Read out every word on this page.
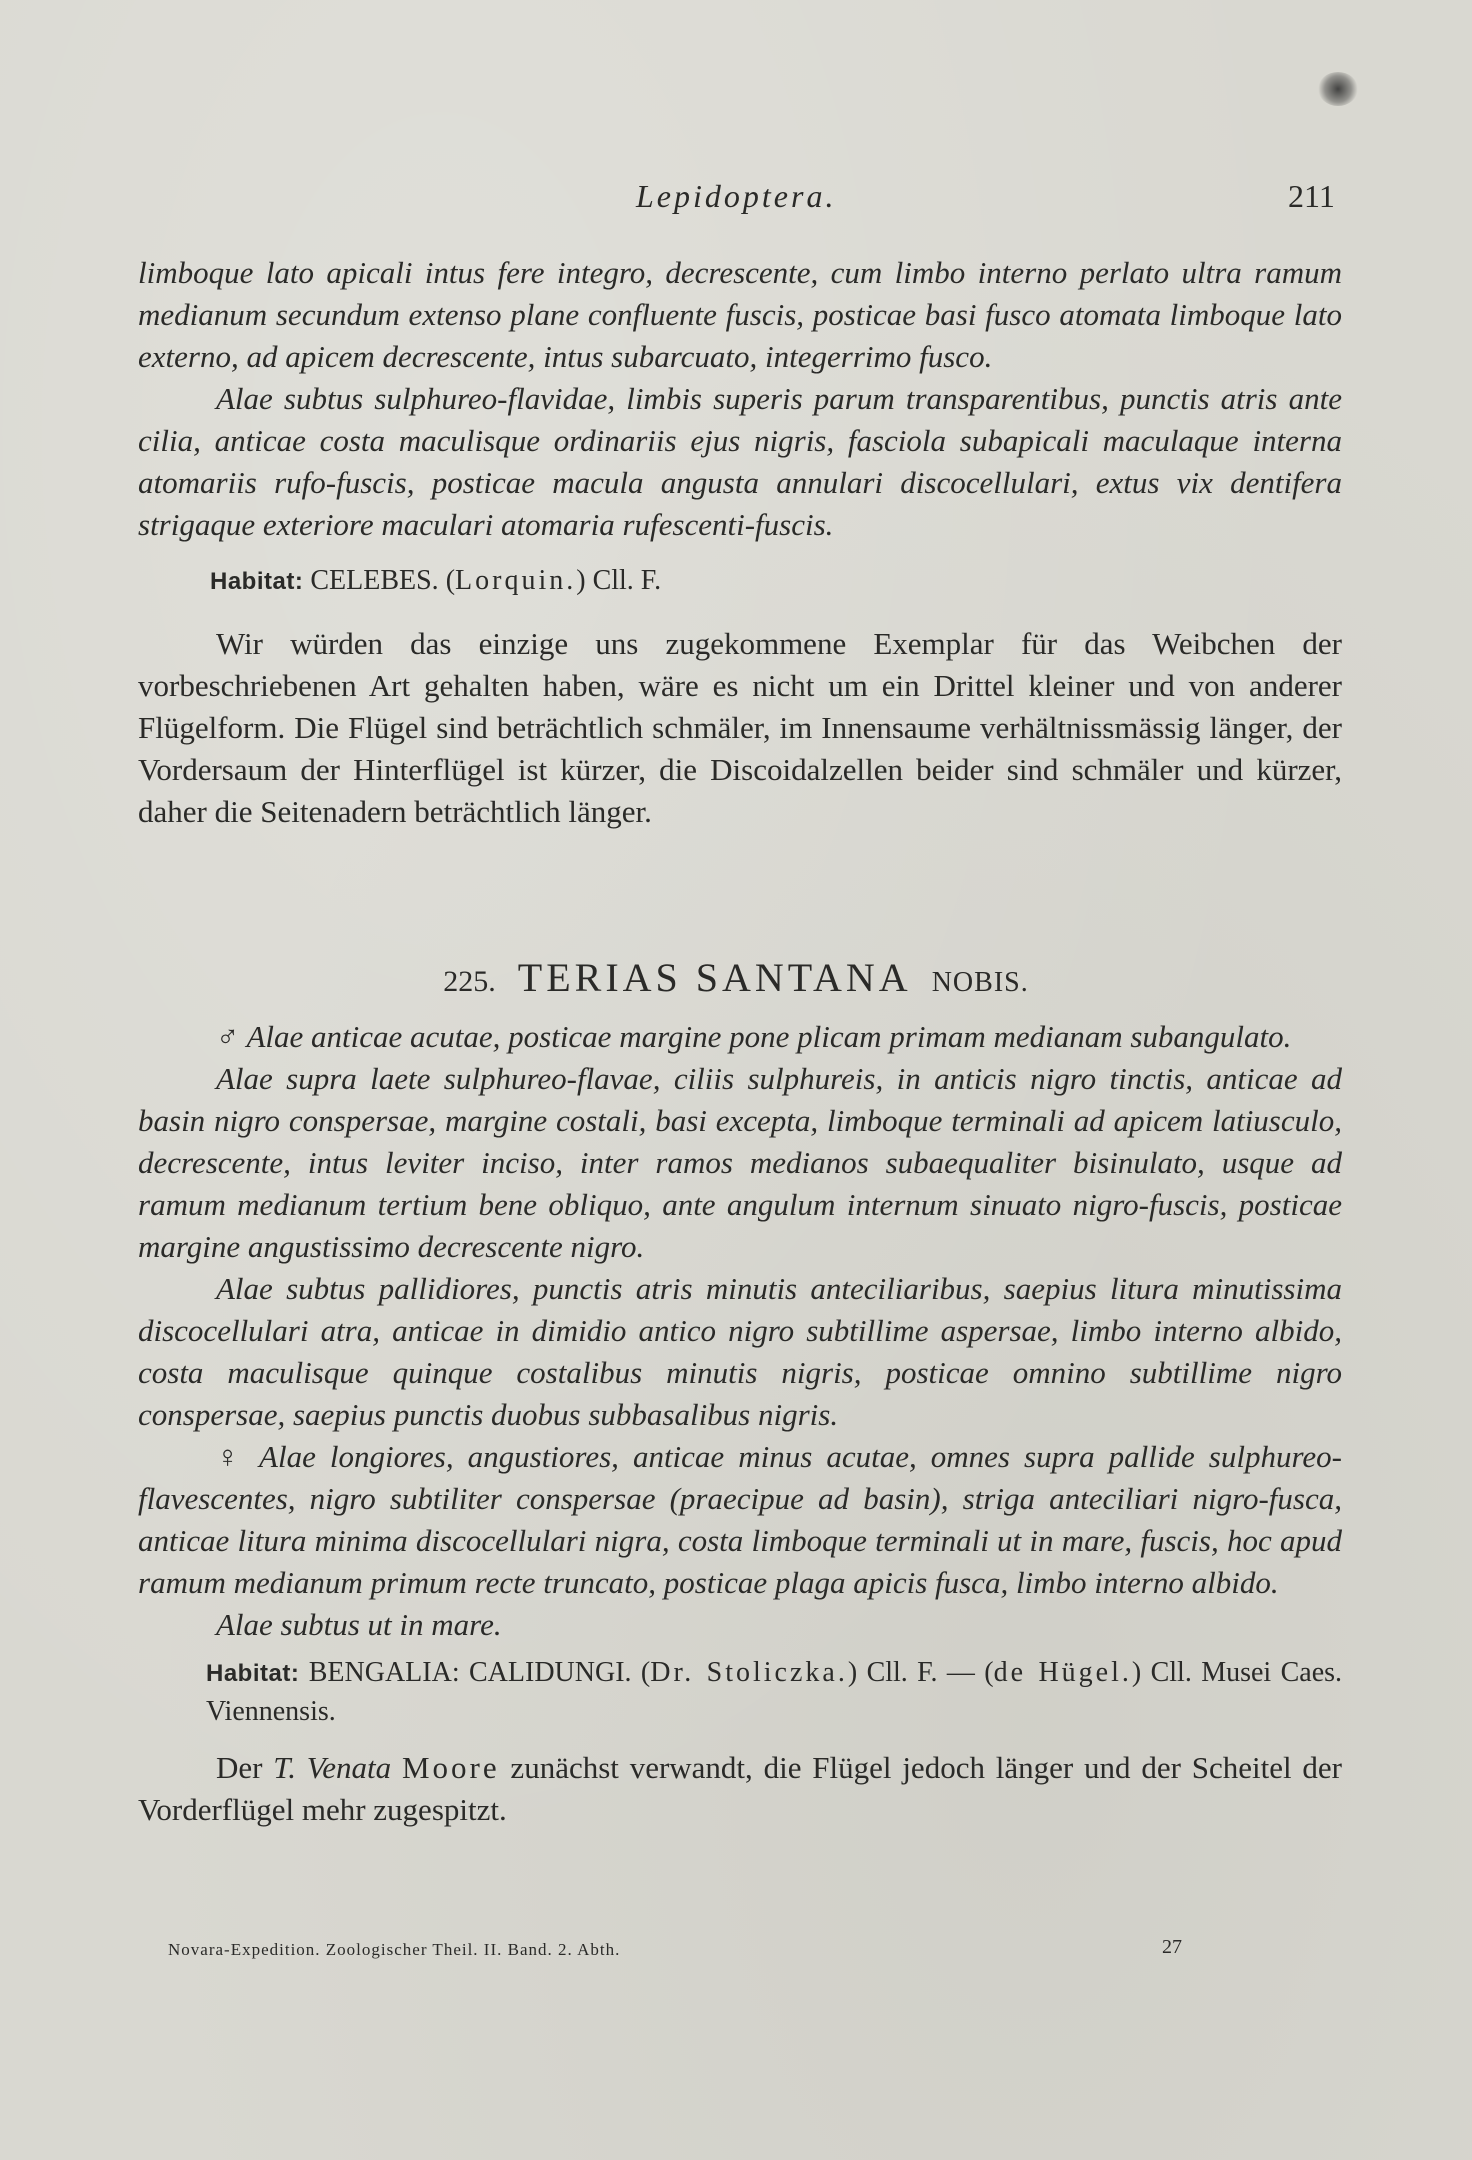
Lepidoptera.	211

limboque lato apicali intus fere integro, decrescente, cum limbo interno perlato ultra ramum medianum secundum extenso plane confluente fuscis, posticae basi fusco atomata limboque lato externo, ad apicem decrescente, intus subarcuato, integerrimo fusco.

Alae subtus sulphureo-flavidae, limbis superis parum transparentibus, punctis atris ante cilia, anticae costa maculisque ordinariis ejus nigris, fasciola subapicali maculaque interna atomariis rufo-fuscis, posticae macula angusta annulari discocellulari, extus vix dentifera strigaque exteriore maculari atomaria rufescenti-fuscis.

Habitat: CELEBES. (Lorquin.) Cll. F.

Wir würden das einzige uns zugekommene Exemplar für das Weibchen der vorbeschriebenen Art gehalten haben, wäre es nicht um ein Drittel kleiner und von anderer Flügelform. Die Flügel sind beträchtlich schmäler, im Innensaume verhältnissmässig länger, der Vordersaum der Hinterflügel ist kürzer, die Discoidalzellen beider sind schmäler und kürzer, daher die Seitenadern beträchtlich länger.

225. TERIAS SANTANA NOBIS.

♂ Alae anticae acutae, posticae margine pone plicam primam medianam subangulato.

Alae supra laete sulphureo-flavae, ciliis sulphureis, in anticis nigro tinctis, anticae ad basin nigro conspersae, margine costali, basi excepta, limboque terminali ad apicem latiusculo, decrescente, intus leviter inciso, inter ramos medianos subaequaliter bisinulato, usque ad ramum medianum tertium bene obliquo, ante angulum internum sinuato nigro-fuscis, posticae margine angustissimo decrescente nigro.

Alae subtus pallidiores, punctis atris minutis anteciliaribus, saepius litura minutissima discocellulari atra, anticae in dimidio antico nigro subtillime aspersae, limbo interno albido, costa maculisque quinque costalibus minutis nigris, posticae omnino subtillime nigro conspersae, saepius punctis duobus subbasalibus nigris.

♀ Alae longiores, angustiores, anticae minus acutae, omnes supra pallide sulphureo-flavescentes, nigro subtiliter conspersae (praecipue ad basin), striga anteciliari nigro-fusca, anticae litura minima discocellulari nigra, costa limboque terminali ut in mare, fuscis, hoc apud ramum medianum primum recte truncato, posticae plaga apicis fusca, limbo interno albido.

Alae subtus ut in mare.

Habitat: BENGALIA: CALIDUNGI. (Dr. Stoliczka.) Cll. F. — (de Hügel.) Cll. Musei Caes. Viennensis.

Der T. Venata Moore zunächst verwandt, die Flügel jedoch länger und der Scheitel der Vorderflügel mehr zugespitzt.

Novara-Expedition. Zoologischer Theil. II. Band. 2. Abth.	27
